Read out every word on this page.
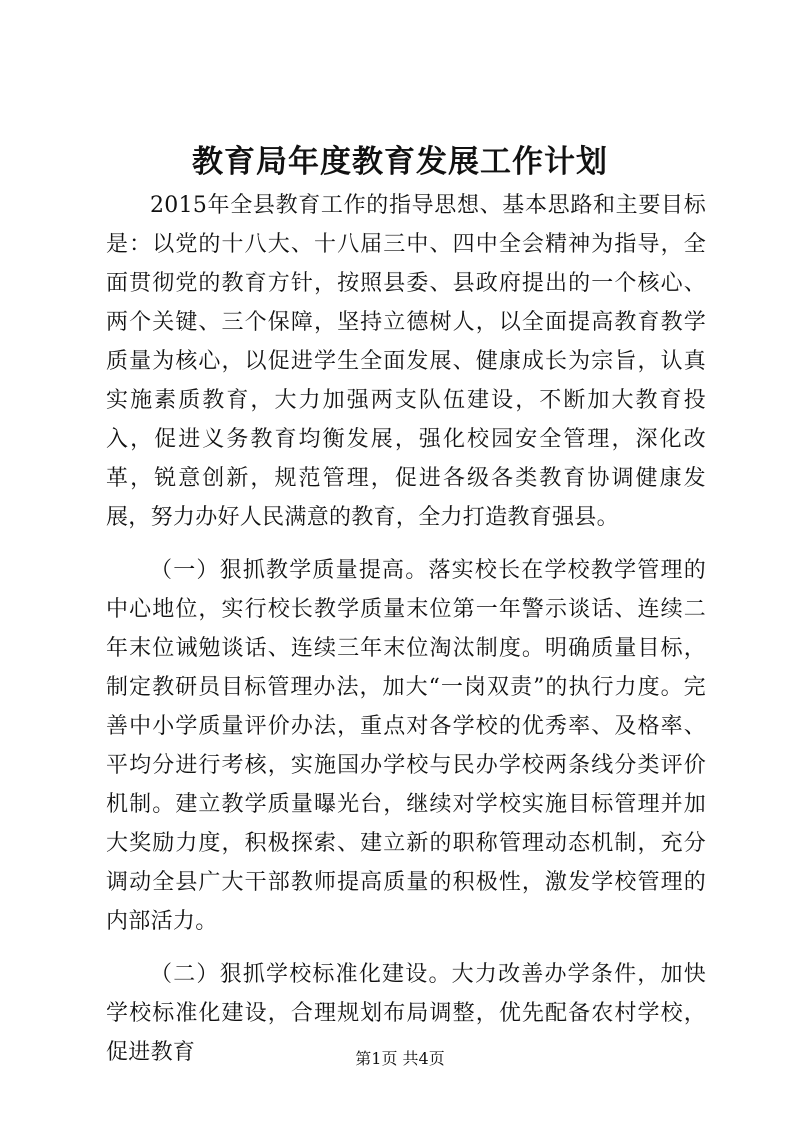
教育局年度教育发展工作计划

2015年全县教育工作的指导思想、基本思路和主要目标是：以党的十八大、十八届三中、四中全会精神为指导，全面贯彻党的教育方针，按照县委、县政府提出的一个核心、两个关键、三个保障，坚持立德树人，以全面提高教育教学质量为核心，以促进学生全面发展、健康成长为宗旨，认真实施素质教育，大力加强两支队伍建设，不断加大教育投入，促进义务教育均衡发展，强化校园安全管理，深化改革，锐意创新，规范管理，促进各级各类教育协调健康发展，努力办好人民满意的教育，全力打造教育强县。

（一）狠抓教学质量提高。落实校长在学校教学管理的中心地位，实行校长教学质量末位第一年警示谈话、连续二年末位诫勉谈话、连续三年末位淘汰制度。明确质量目标，制定教研员目标管理办法，加大“一岗双责”的执行力度。完善中小学质量评价办法，重点对各学校的优秀率、及格率、平均分进行考核，实施国办学校与民办学校两条线分类评价机制。建立教学质量曝光台，继续对学校实施目标管理并加大奖励力度，积极探索、建立新的职称管理动态机制，充分调动全县广大干部教师提高质量的积极性，激发学校管理的内部活力。

（二）狠抓学校标准化建设。大力改善办学条件，加快学校标准化建设，合理规划布局调整，优先配备农村学校，促进教育	第1页 共4页
